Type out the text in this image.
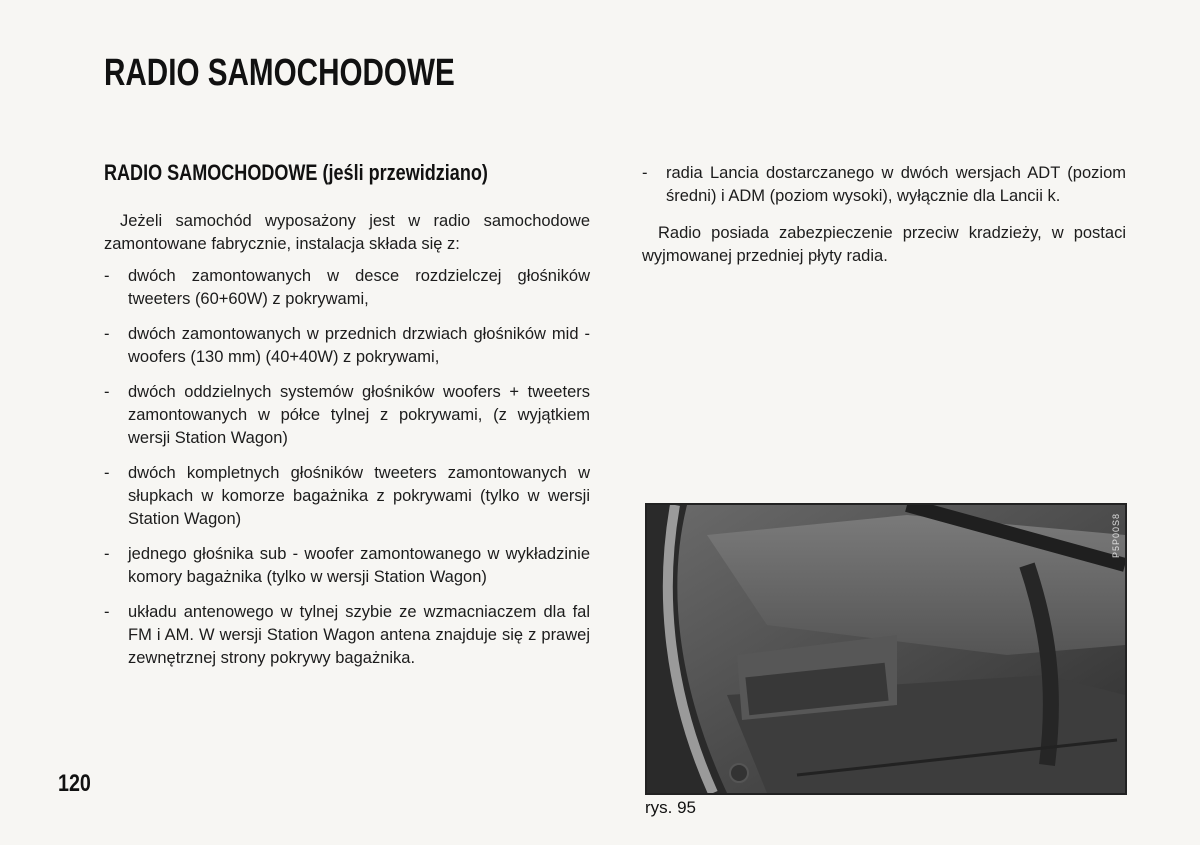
RADIO SAMOCHODOWE
RADIO SAMOCHODOWE (jeśli przewidziano)

Jeżeli samochód wyposażony jest w radio samochodowe zamontowane fabrycznie, instalacja składa się z:

- dwóch zamontowanych w desce rozdzielczej głośników tweeters (60+60W) z pokrywami,
- dwóch zamontowanych w przednich drzwiach głośników mid - woofers (130 mm) (40+40W) z pokrywami,
- dwóch oddzielnych systemów głośników woofers + tweeters zamontowanych w półce tylnej z pokrywami, (z wyjątkiem wersji Station Wagon)
- dwóch kompletnych głośników tweeters zamontowanych w słupkach w komorze bagażnika z pokrywami (tylko w wersji Station Wagon)
- jednego głośnika sub - woofer zamontowanego w wykładzinie komory bagażnika (tylko w wersji Station Wagon)
- układu antenowego w tylnej szybie ze wzmacniaczem dla fal FM i AM. W wersji Station Wagon antena znajduje się z prawej zewnętrznej strony pokrywy bagażnika.

- radia Lancia dostarczanego w dwóch wersjach ADT (poziom średni) i ADM (poziom wysoki), wyłącznie dla Lancii k.

Radio posiada zabezpieczenie przeciw kradzieży, w postaci wyjmowanej przedniej płyty radia.

P5P00S8
rys. 95
120
